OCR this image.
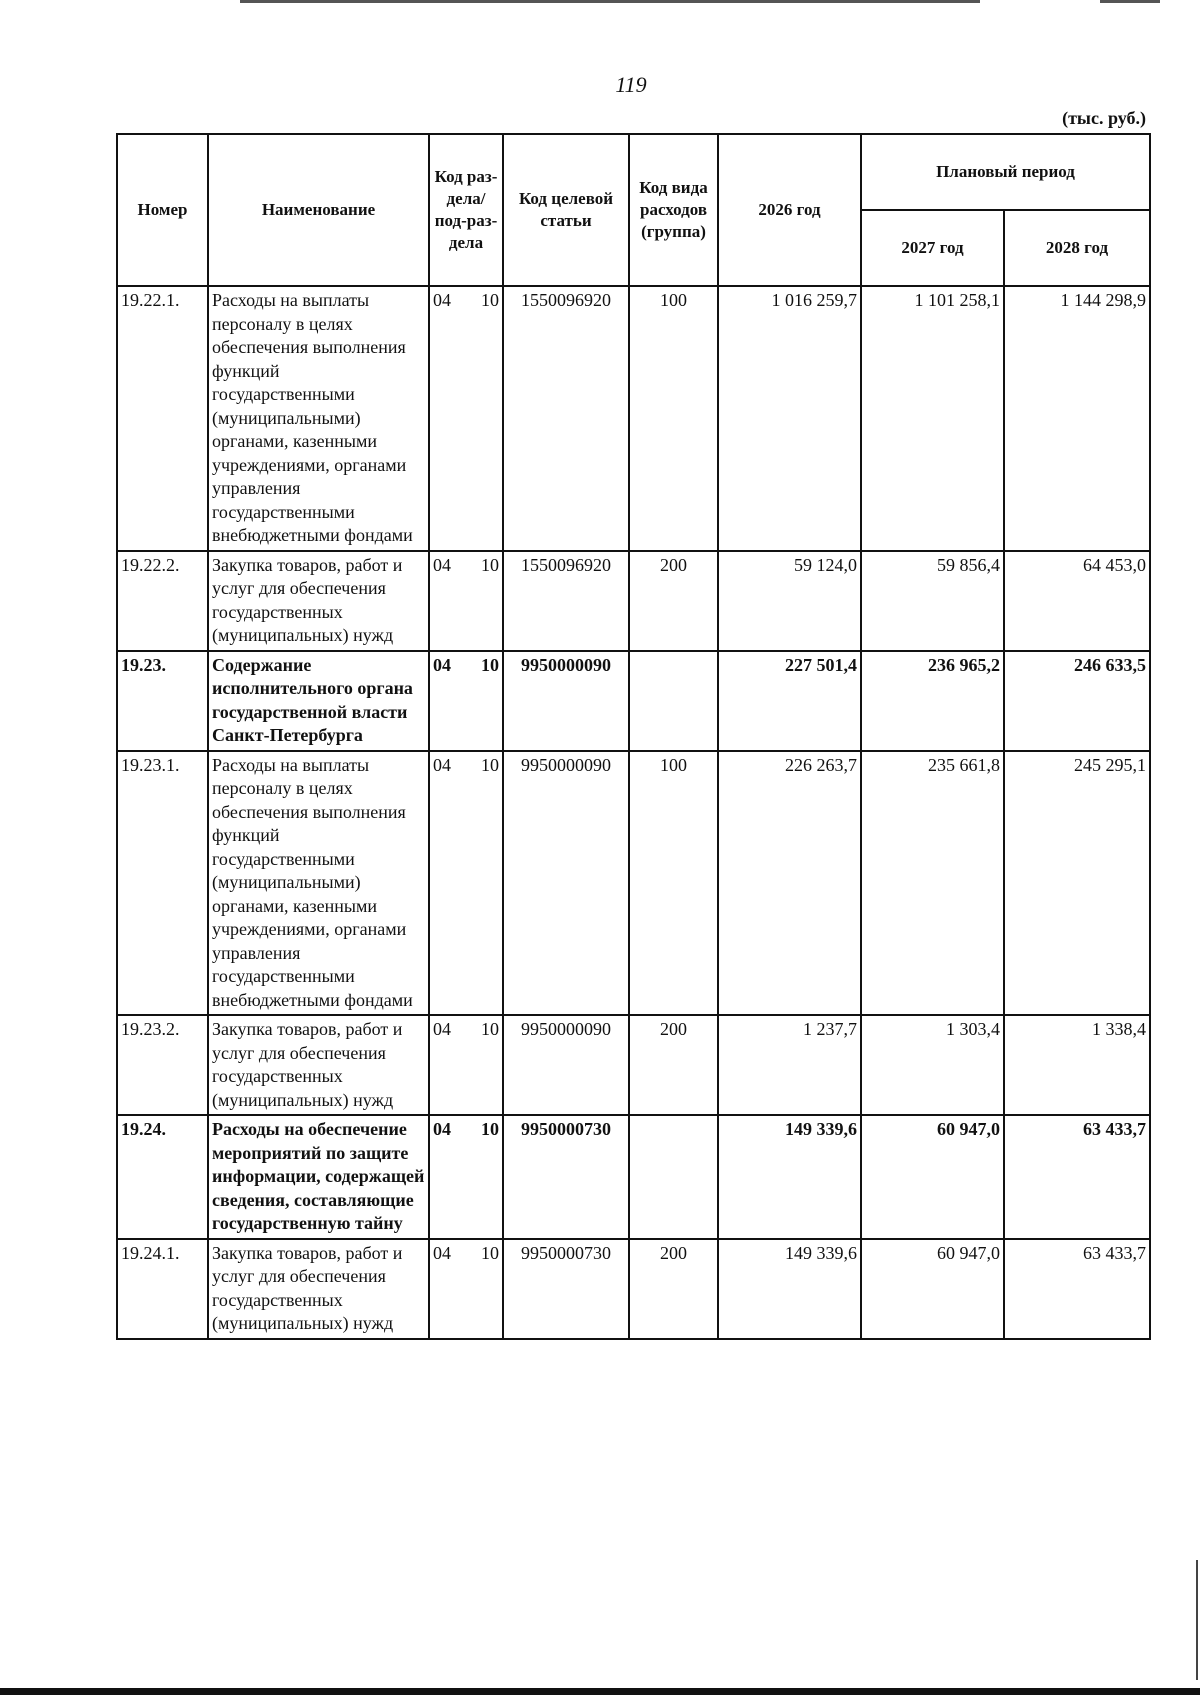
119
(тыс. руб.)
Номер	Наименование	Код раз-дела/ под-раз-дела	Код целевой статьи	Код вида расходов (группа)	2026 год	Плановый период	
						2027 год	2028 год
19.22.1.	Расходы на выплаты персоналу в целях обеспечения выполнения функций государственными (муниципальными) органами, казенными учреждениями, органами управления государственными внебюджетными фондами	04 10	1550096920	100	1 016 259,7	1 101 258,1	1 144 298,9
19.22.2.	Закупка товаров, работ и услуг для обеспечения государственных (муниципальных) нужд	04 10	1550096920	200	59 124,0	59 856,4	64 453,0
19.23.	Содержание исполнительного органа государственной власти Санкт-Петербурга	04 10	9950000090		227 501,4	236 965,2	246 633,5
19.23.1.	Расходы на выплаты персоналу в целях обеспечения выполнения функций государственными (муниципальными) органами, казенными учреждениями, органами управления государственными внебюджетными фондами	04 10	9950000090	100	226 263,7	235 661,8	245 295,1
19.23.2.	Закупка товаров, работ и услуг для обеспечения государственных (муниципальных) нужд	04 10	9950000090	200	1 237,7	1 303,4	1 338,4
19.24.	Расходы на обеспечение мероприятий по защите информации, содержащей сведения, составляющие государственную тайну	04 10	9950000730		149 339,6	60 947,0	63 433,7
19.24.1.	Закупка товаров, работ и услуг для обеспечения государственных (муниципальных) нужд	04 10	9950000730	200	149 339,6	60 947,0	63 433,7
